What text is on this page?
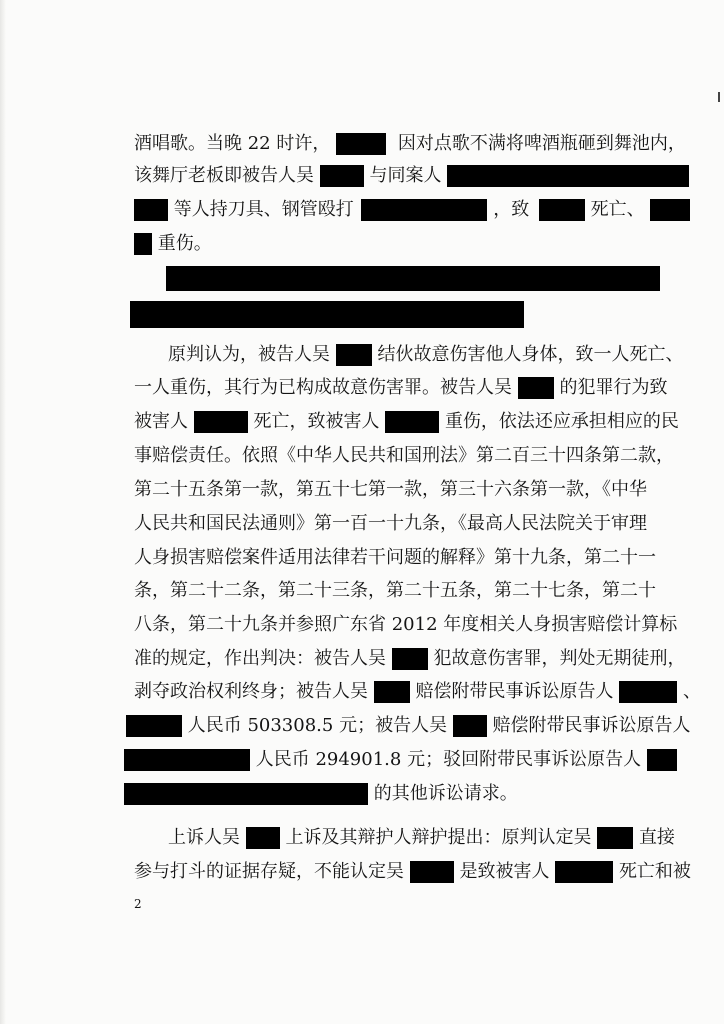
酒唱歌。当晚 22 时许，	因对点歌不满将啤酒瓶砸到舞池内，
该舞厅老板即被告人吴	与同案人
等人持刀具、钢管殴打	，致	死亡、
重伤。
原判认为，被告人吴	结伙故意伤害他人身体，致一人死亡、
一人重伤，其行为已构成故意伤害罪。被告人吴	的犯罪行为致
被害人	死亡，致被害人	重伤，依法还应承担相应的民
事赔偿责任。依照《中华人民共和国刑法》第二百三十四条第二款，
第二十五条第一款，第五十七第一款，第三十六条第一款，《中华
人民共和国民法通则》第一百一十九条，《最高人民法院关于审理
人身损害赔偿案件适用法律若干问题的解释》第十九条，第二十一
条，第二十二条，第二十三条，第二十五条，第二十七条，第二十
八条，第二十九条并参照广东省 2012 年度相关人身损害赔偿计算标
准的规定，作出判决：被告人吴	犯故意伤害罪，判处无期徒刑，
剥夺政治权利终身；被告人吴	赔偿附带民事诉讼原告人	、
人民币 503308.5 元；被告人吴	赔偿附带民事诉讼原告人
人民币 294901.8 元；驳回附带民事诉讼原告人
的其他诉讼请求。
上诉人吴	上诉及其辩护人辩护提出：原判认定吴	直接
参与打斗的证据存疑，不能认定吴	是致被害人	死亡和被
2
